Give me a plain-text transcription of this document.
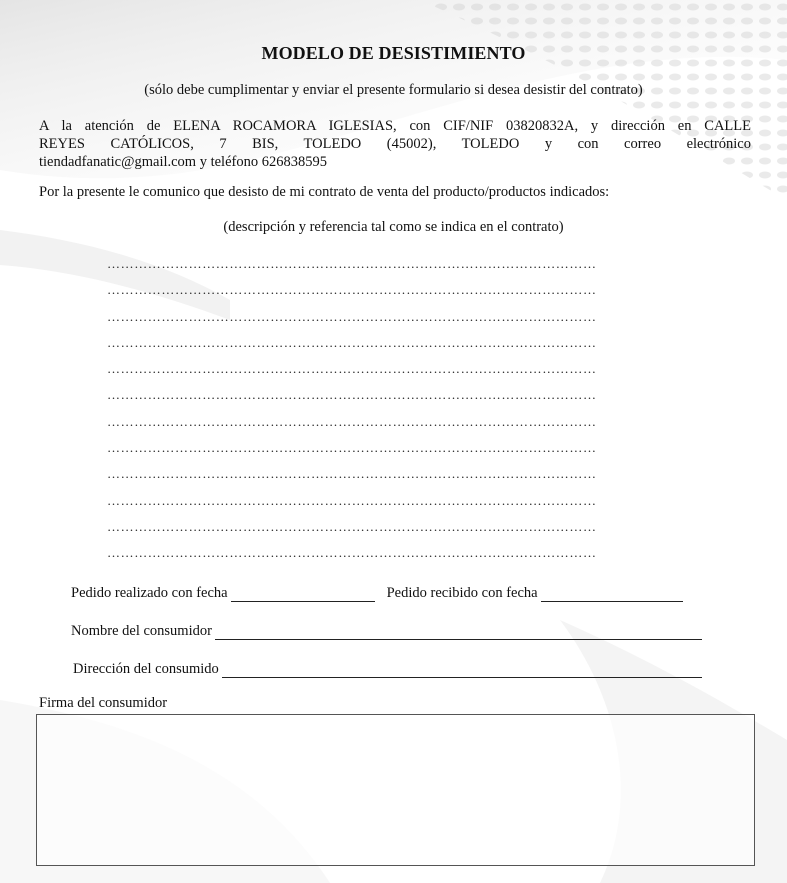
MODELO DE DESISTIMIENTO
(sólo debe cumplimentar y enviar el presente formulario si desea desistir del contrato)
A la atención de ELENA ROCAMORA IGLESIAS, con CIF/NIF 03820832A, y dirección en CALLE
REYES CATÓLICOS, 7 BIS, TOLEDO (45002), TOLEDO y con correo electrónico
tiendadfanatic@gmail.com y teléfono 626838595
Por la presente le comunico que desisto de mi contrato de venta del producto/productos indicados:
(descripción y referencia tal como se indica en el contrato)
………………………………………………………………………………………………
………………………………………………………………………………………………
………………………………………………………………………………………………
………………………………………………………………………………………………
………………………………………………………………………………………………
………………………………………………………………………………………………
………………………………………………………………………………………………
………………………………………………………………………………………………
………………………………………………………………………………………………
………………………………………………………………………………………………
………………………………………………………………………………………………
………………………………………………………………………………………………
Pedido realizado con fecha	Pedido recibido con fecha
Nombre del consumidor
Dirección del consumido
Firma del consumidor
